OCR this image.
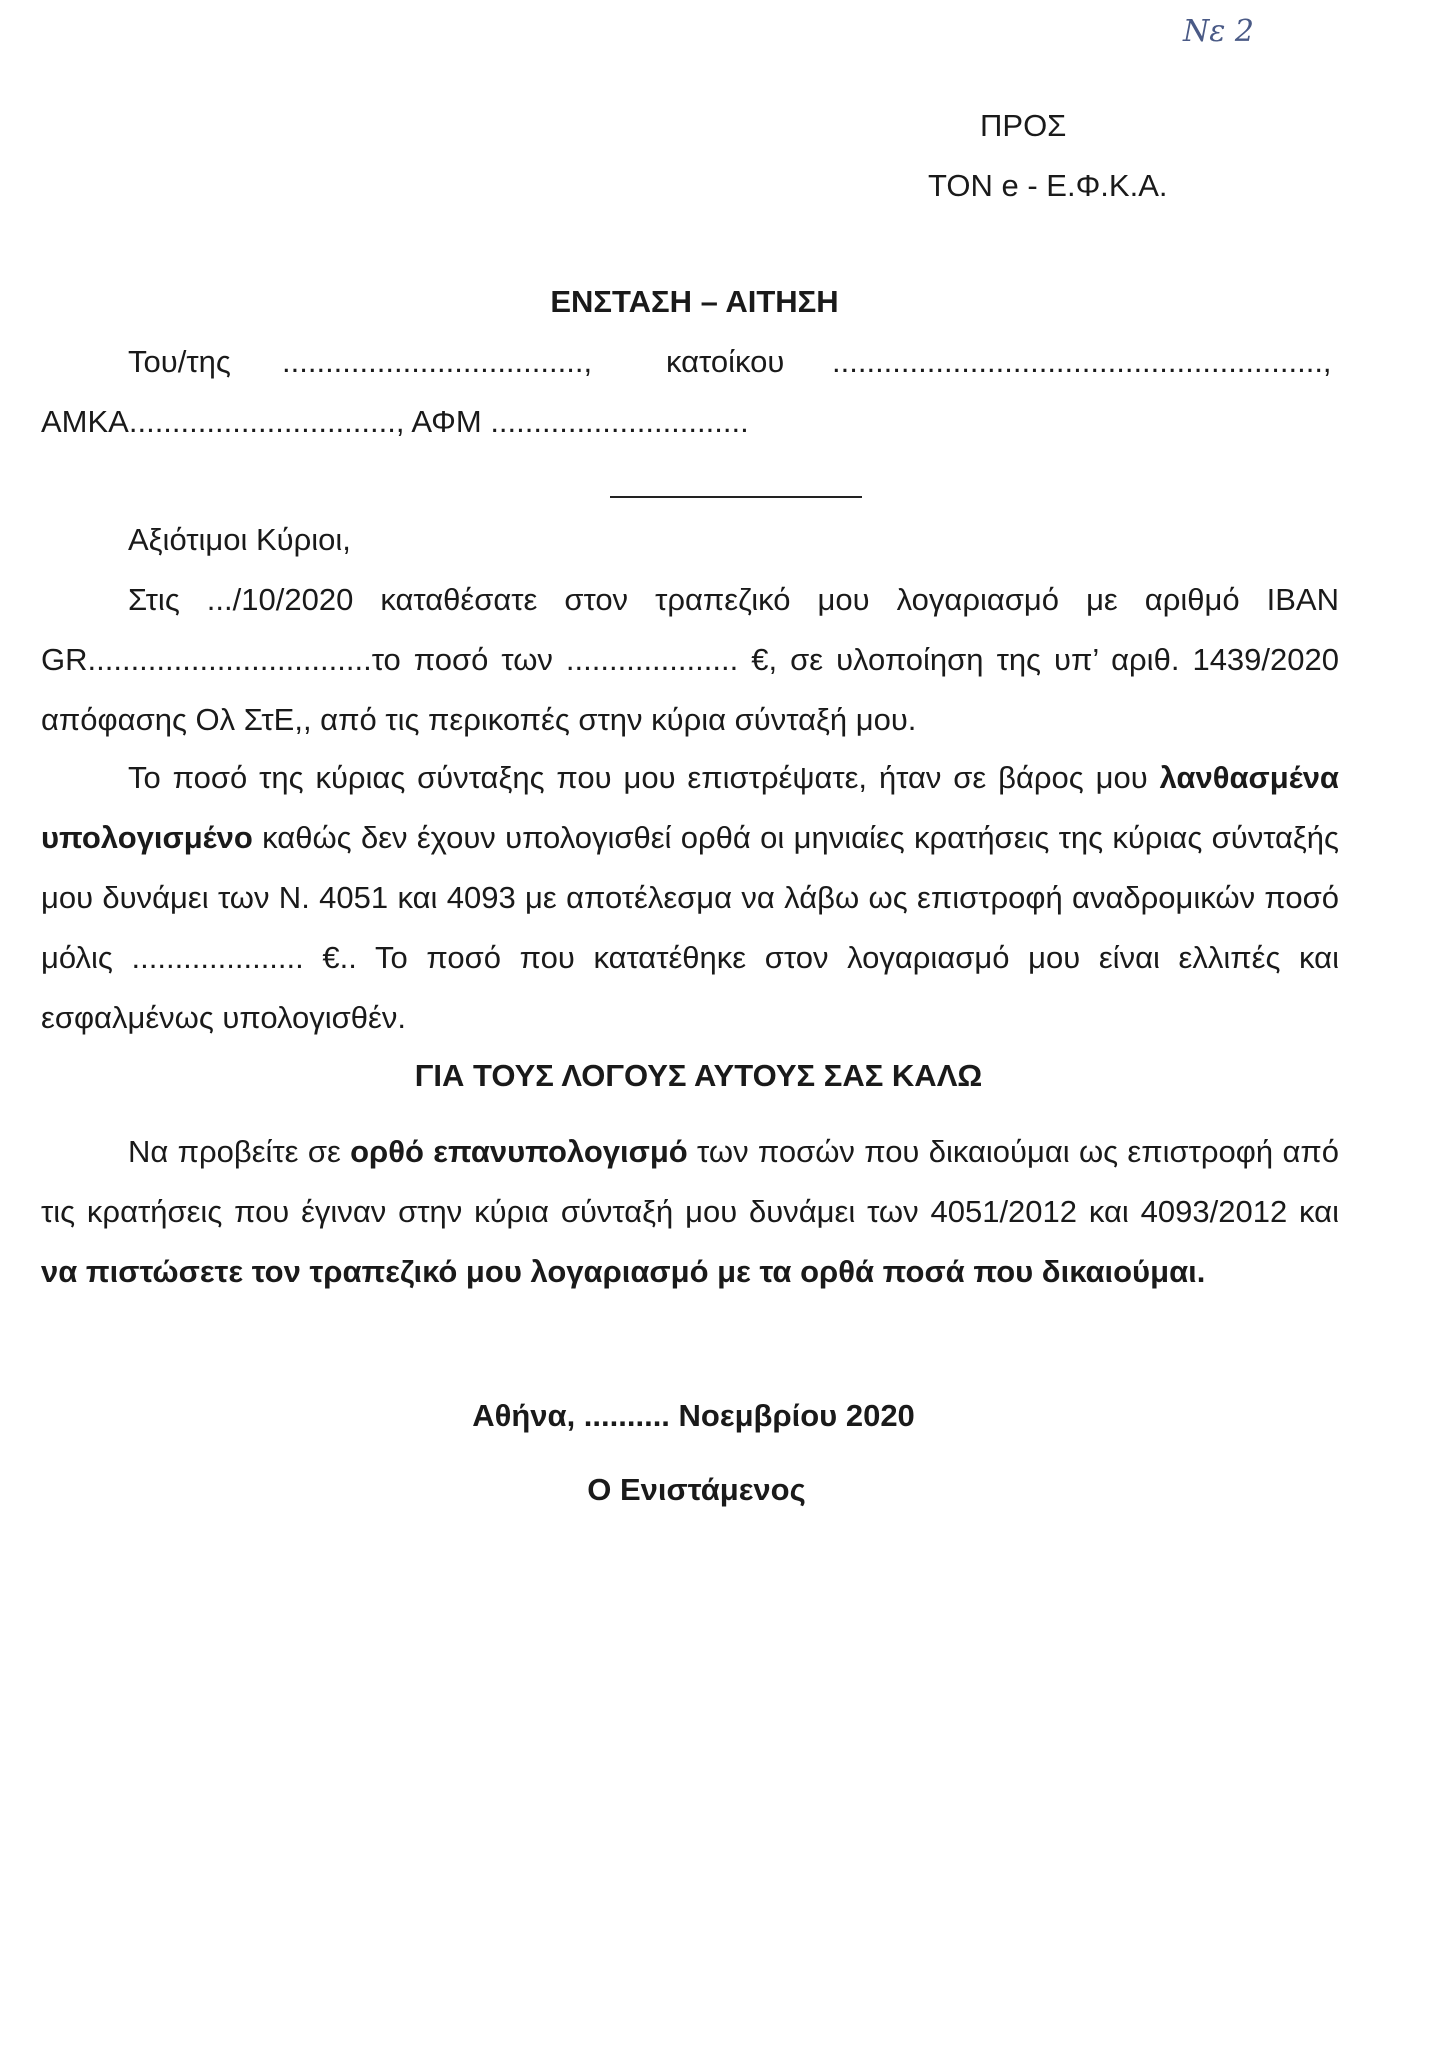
Νε 2
ΠΡΟΣ
ΤΟΝ e - Ε.Φ.Κ.Α.
ΕΝΣΤΑΣΗ – ΑΙΤΗΣΗ
Του/της ..................................., κατοίκου .........................................................,
ΑΜΚΑ..............................., ΑΦΜ ..............................
Αξιότιμοι Κύριοι,
Στις .../10/2020 καταθέσατε στον τραπεζικό μου λογαριασμό με αριθμό IBAN GR.................................το ποσό των .................... €, σε υλοποίηση της υπ’ αριθ. 1439/2020 απόφασης Ολ ΣτΕ,, από τις περικοπές στην κύρια σύνταξή μου.
Το ποσό της κύριας σύνταξης που μου επιστρέψατε, ήταν σε βάρος μου λανθασμένα υπολογισμένο καθώς δεν έχουν υπολογισθεί ορθά οι μηνιαίες κρατήσεις της κύριας σύνταξής μου δυνάμει των Ν. 4051 και 4093 με αποτέλεσμα να λάβω ως επιστροφή αναδρομικών ποσό μόλις .................... €.. Το ποσό που κατατέθηκε στον λογαριασμό μου είναι ελλιπές και εσφαλμένως υπολογισθέν.
ΓΙΑ ΤΟΥΣ ΛΟΓΟΥΣ ΑΥΤΟΥΣ ΣΑΣ ΚΑΛΩ
Να προβείτε σε ορθό επανυπολογισμό των ποσών που δικαιούμαι ως επιστροφή από τις κρατήσεις που έγιναν στην κύρια σύνταξή μου δυνάμει των 4051/2012 και 4093/2012 και να πιστώσετε τον τραπεζικό μου λογαριασμό με τα ορθά ποσά που δικαιούμαι.
Αθήνα, .......... Νοεμβρίου 2020
Ο Ενιστάμενος
